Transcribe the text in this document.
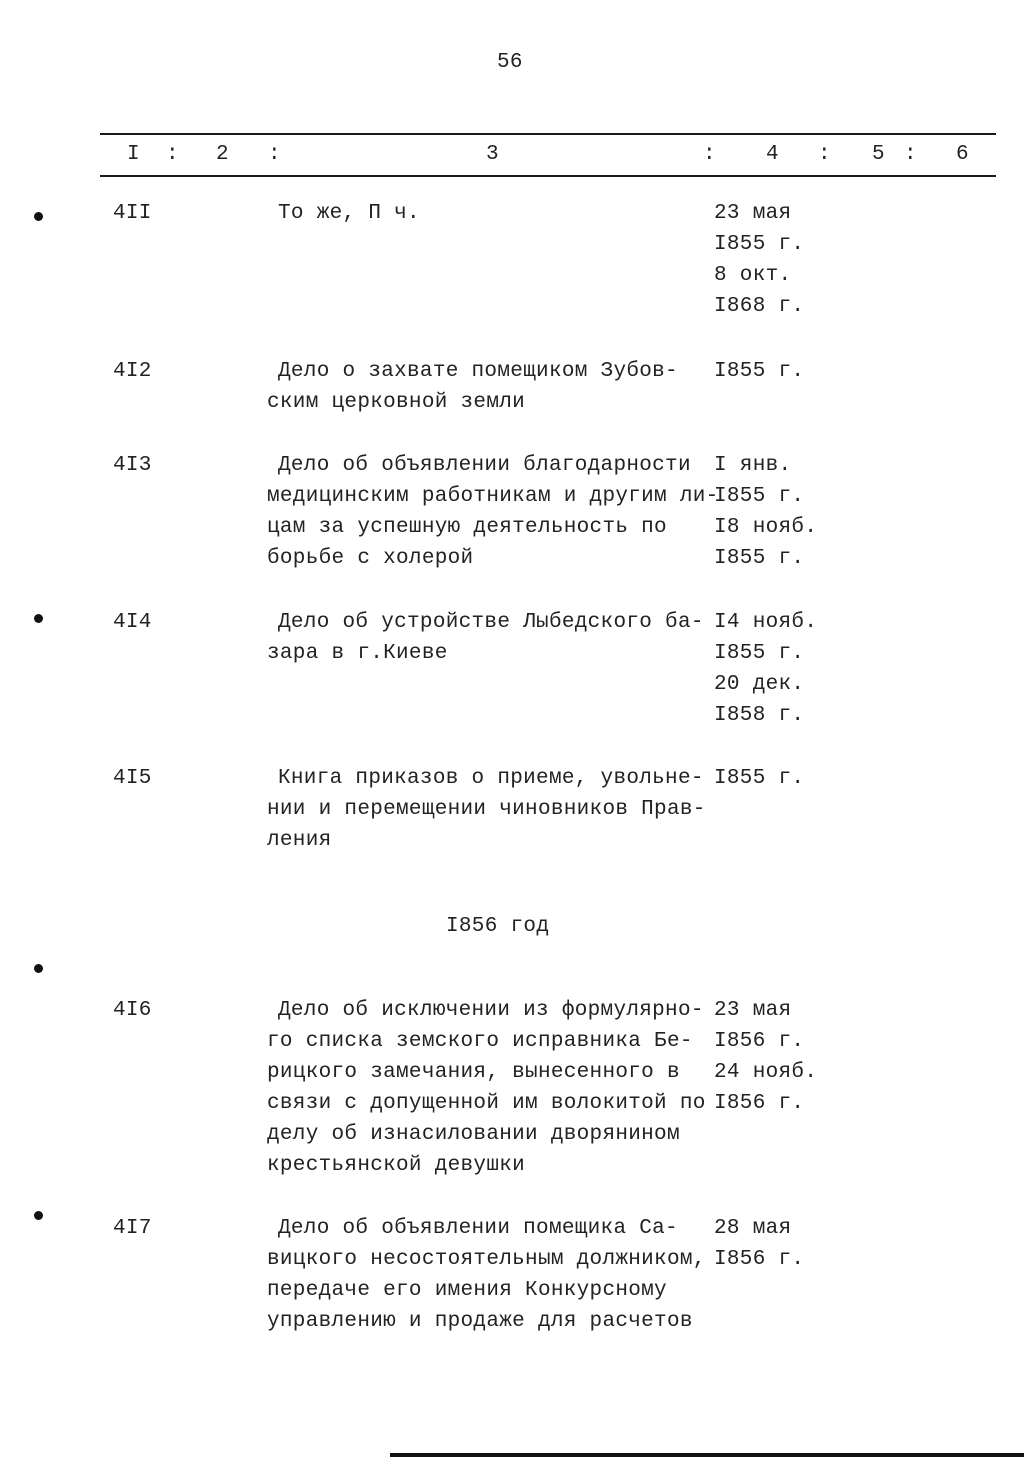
56
I : 2 :	3	: 4 : 5 : 6
4II	То же, П ч.	23 мая
I855 г.
8 окт.
I868 г.
4I2	Дело о захвате помещиком Зубов-
ским церковной земли
I855 г.
4I3	Дело об объявлении благодарности
медицинским работникам и другим ли-
цам за успешную деятельность по
борьбе с холерой
I янв.
I855 г.
I8 нояб.
I855 г.
4I4	Дело об устройстве Лыбедского ба-
зара в г.Киеве
I4 нояб.
I855 г.
20 дек.
I858 г.
4I5	Книга приказов о приеме, увольне-
нии и перемещении чиновников Прав-
ления
I855 г.
4I6	Дело об исключении из формулярно-
го списка земского исправника Бе-
рицкого замечания, вынесенного в
связи с допущенной им волокитой по
делу об изнасиловании дворянином
крестьянской девушки
23 мая
I856 г.
24 нояб.
I856 г.
4I7	Дело об объявлении помещика Са-
вицкого несостоятельным должником,
передаче его имения Конкурсному
управлению и продаже для расчетов
28 мая
I856 г.
I856 год
